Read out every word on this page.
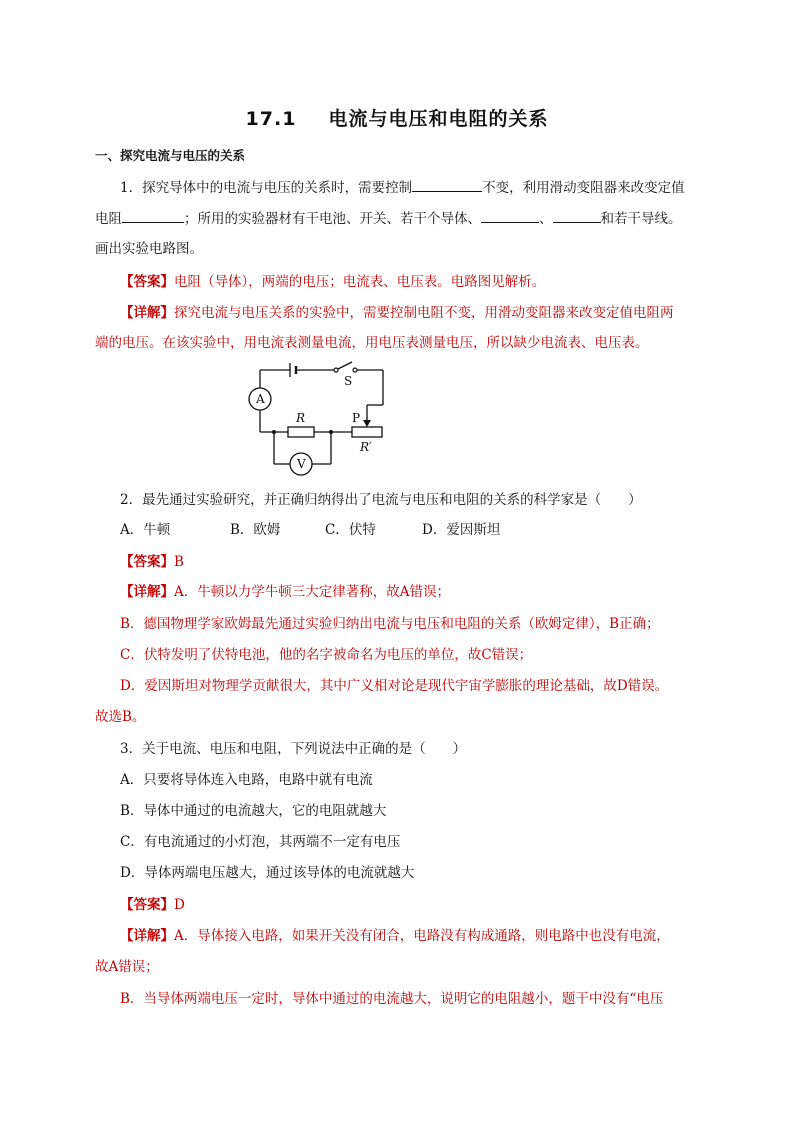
17.1 电流与电压和电阻的关系
一、探究电流与电压的关系
1．探究导体中的电流与电压的关系时，需要控制	不变，利用滑动变阻器来改变定值
电阻	；所用的实验器材有干电池、开关、若干个导体、	、	和若干导线。
画出实验电路图。
【答案】电阻（导体），两端的电压；电流表、电压表。电路图见解析。
【详解】探究电流与电压关系的实验中，需要控制电阻不变，用滑动变阻器来改变定值电阻两
端的电压。在该实验中，用电流表测量电流，用电压表测量电压，所以缺少电流表、电压表。
S
A
V
R	P
R′
2．最先通过实验研究，并正确归纳得出了电流与电压和电阻的关系的科学家是（　　）
A．牛顿	B．欧姆	C．伏特	D．爱因斯坦
【答案】B
【详解】A．牛顿以力学牛顿三大定律著称，故A错误；
B．德国物理学家欧姆最先通过实验归纳出电流与电压和电阻的关系（欧姆定律），B正确；
C．伏特发明了伏特电池，他的名字被命名为电压的单位，故C错误；
D．爱因斯坦对物理学贡献很大，其中广义相对论是现代宇宙学膨胀的理论基础，故D错误。
故选B。
3．关于电流、电压和电阻，下列说法中正确的是（　　）
A．只要将导体连入电路，电路中就有电流
B．导体中通过的电流越大，它的电阻就越大
C．有电流通过的小灯泡，其两端不一定有电压
D．导体两端电压越大，通过该导体的电流就越大
【答案】D
【详解】A．导体接入电路，如果开关没有闭合，电路没有构成通路，则电路中也没有电流，
故A错误；
B．当导体两端电压一定时，导体中通过的电流越大，说明它的电阻越小，题干中没有“电压
